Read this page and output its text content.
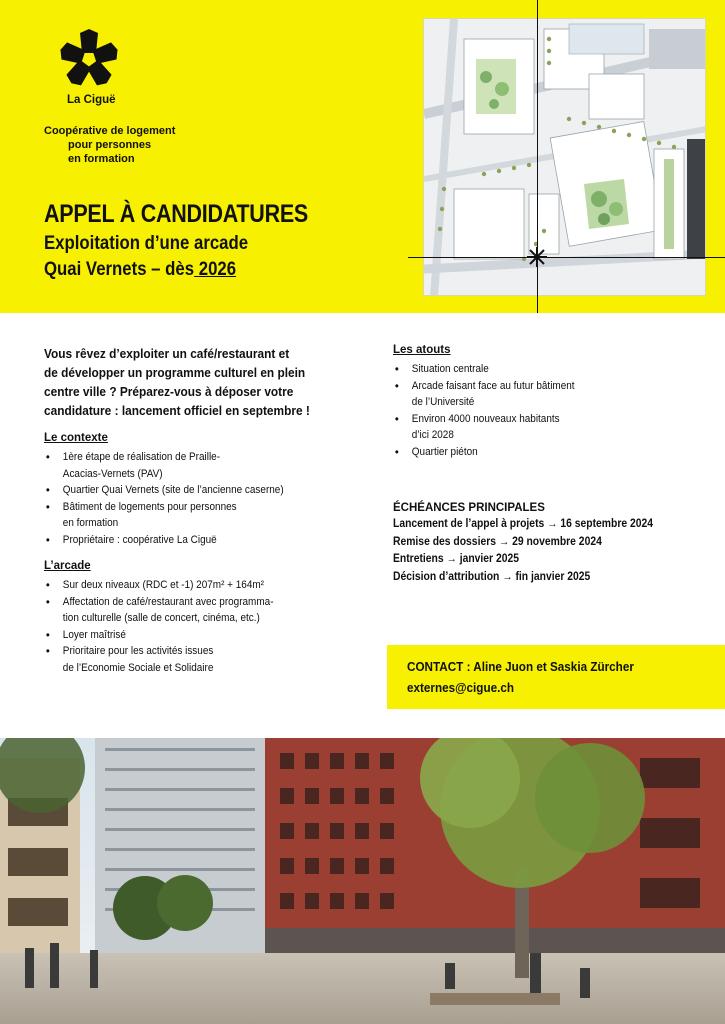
La Ciguë
Coopérative de logement
pour personnes
en formation
APPEL À CANDIDATURES
Exploitation d’une arcade
Quai Vernets – dès 2026
Vous rêvez d’exploiter un café/restaurant et
de développer un programme culturel en plein
centre ville ? Préparez-vous à déposer votre
candidature : lancement officiel en septembre !
Le contexte
• 1ère étape de réalisation de Praille-
Acacias-Vernets (PAV)
• Quartier Quai Vernets (site de l’ancienne caserne)
• Bâtiment de logements pour personnes
en formation
• Propriétaire : coopérative La Ciguë
L’arcade
• Sur deux niveaux (RDC et -1) 207m² + 164m²
• Affectation de café/restaurant avec programma-
tion culturelle (salle de concert, cinéma, etc.)
• Loyer maîtrisé
• Prioritaire pour les activités issues
de l’Economie Sociale et Solidaire
Les atouts
• Situation centrale
• Arcade faisant face au futur bâtiment
de l’Université
• Environ 4000 nouveaux habitants
d’ici 2028
• Quartier piéton
ÉCHÉANCES PRINCIPALES
Lancement de l’appel à projets → 16 septembre 2024
Remise des dossiers → 29 novembre 2024
Entretiens → janvier 2025
Décision d’attribution → fin janvier 2025
CONTACT : Aline Juon et Saskia Zürcher
externes@cigue.ch
